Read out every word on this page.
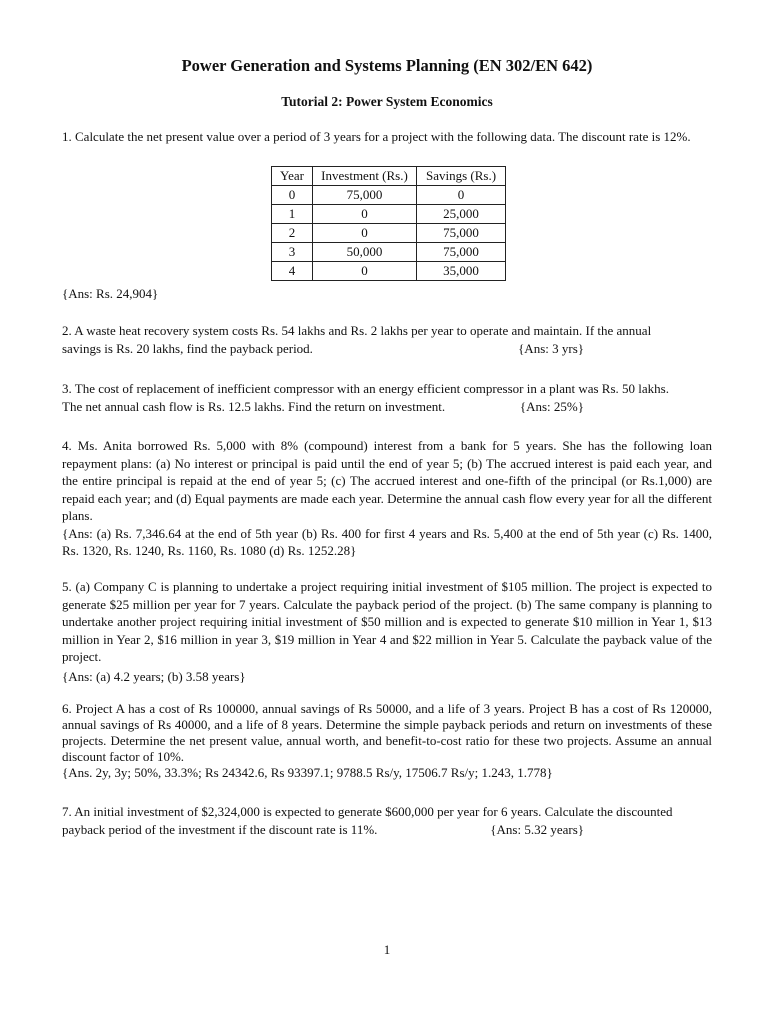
Power Generation and Systems Planning (EN 302/EN 642)
Tutorial 2: Power System Economics

1. Calculate the net present value over a period of 3 years for a project with the following data. The discount rate is 12%.

Year	Investment (Rs.)	Savings (Rs.)
0	75,000	0
1	0	25,000
2	0	75,000
3	50,000	75,000
4	0	35,000

{Ans: Rs. 24,904}

2. A waste heat recovery system costs Rs. 54 lakhs and Rs. 2 lakhs per year to operate and maintain. If the annual

savings is Rs. 20 lakhs, find the payback period.	{Ans: 3 yrs}

3. The cost of replacement of inefficient compressor with an energy efficient compressor in a plant was Rs. 50 lakhs.

The net annual cash flow is Rs. 12.5 lakhs. Find the return on investment.	{Ans: 25%}

4. Ms. Anita borrowed Rs. 5,000 with 8% (compound) interest from a bank for 5 years. She has the following loan repayment plans: (a) No interest or principal is paid until the end of year 5; (b) The accrued interest is paid each year, and the entire principal is repaid at the end of year 5; (c) The accrued interest and one-fifth of the principal (or Rs.1,000) are repaid each year; and (d) Equal payments are made each year. Determine the annual cash flow every year for all the different plans.

{Ans: (a) Rs. 7,346.64 at the end of 5th year (b) Rs. 400 for first 4 years and Rs. 5,400 at the end of 5th year (c) Rs. 1400, Rs. 1320, Rs. 1240, Rs. 1160, Rs. 1080 (d) Rs. 1252.28}

5. (a) Company C is planning to undertake a project requiring initial investment of $105 million. The project is expected to generate $25 million per year for 7 years. Calculate the payback period of the project. (b) The same company is planning to undertake another project requiring initial investment of $50 million and is expected to generate $10 million in Year 1, $13 million in Year 2, $16 million in year 3, $19 million in Year 4 and $22 million in Year 5. Calculate the payback value of the project.

{Ans: (a) 4.2 years; (b) 3.58 years}

6. Project A has a cost of Rs 100000, annual savings of Rs 50000, and a life of 3 years. Project B has a cost of Rs 120000, annual savings of Rs 40000, and a life of 8 years. Determine the simple payback periods and return on investments of these projects. Determine the net present value, annual worth, and benefit-to-cost ratio for these two projects. Assume an annual discount factor of 10%.

{Ans. 2y, 3y; 50%, 33.3%; Rs 24342.6, Rs 93397.1; 9788.5 Rs/y, 17506.7 Rs/y; 1.243, 1.778}

7. An initial investment of $2,324,000 is expected to generate $600,000 per year for 6 years. Calculate the discounted

payback period of the investment if the discount rate is 11%.	{Ans: 5.32 years}
1
